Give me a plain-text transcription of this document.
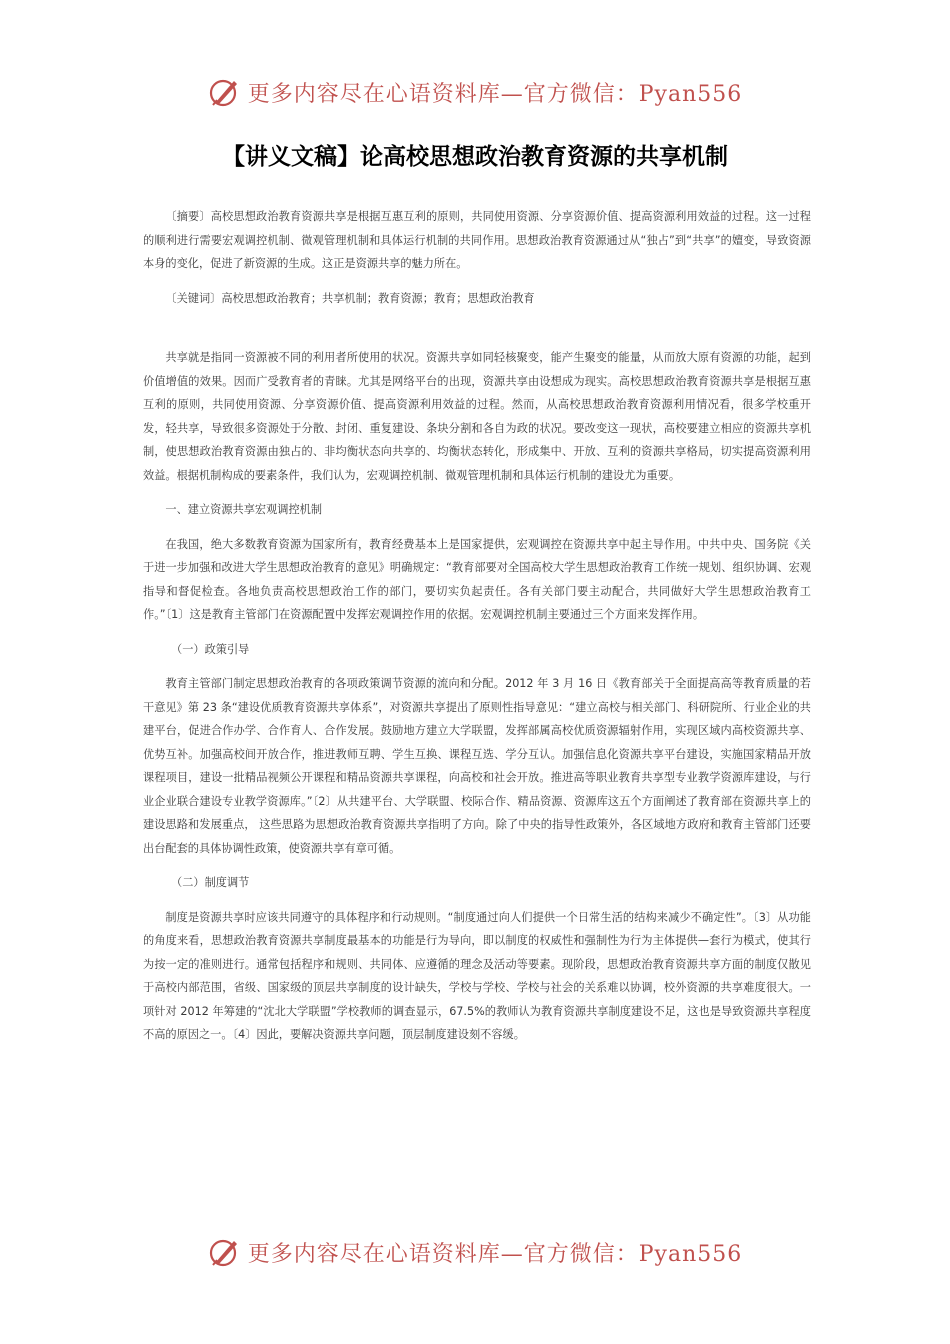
更多内容尽在心语资料库—官方微信：Pyan556
【讲义文稿】论高校思想政治教育资源的共享机制

〔摘要〕高校思想政治教育资源共享是根据互惠互利的原则，共同使用资源、分享资源价值、提高资源利用效益的过程。这一过程的顺利进行需要宏观调控机制、微观管理机制和具体运行机制的共同作用。思想政治教育资源通过从“独占”到“共享”的嬗变，导致资源本身的变化，促进了新资源的生成。这正是资源共享的魅力所在。

〔关键词〕高校思想政治教育；共享机制；教育资源；教育；思想政治教育

共享就是指同一资源被不同的利用者所使用的状况。资源共享如同轻核聚变，能产生聚变的能量，从而放大原有资源的功能，起到价值增值的效果。因而广受教育者的青睐。尤其是网络平台的出现，资源共享由设想成为现实。高校思想政治教育资源共享是根据互惠互利的原则，共同使用资源、分享资源价值、提高资源利用效益的过程。然而，从高校思想政治教育资源利用情况看，很多学校重开发，轻共享，导致很多资源处于分散、封闭、重复建设、条块分割和各自为政的状况。要改变这一现状，高校要建立相应的资源共享机制，使思想政治教育资源由独占的、非均衡状态向共享的、均衡状态转化，形成集中、开放、互利的资源共享格局，切实提高资源利用效益。根据机制构成的要素条件，我们认为，宏观调控机制、微观管理机制和具体运行机制的建设尤为重要。

一、建立资源共享宏观调控机制

在我国，绝大多数教育资源为国家所有，教育经费基本上是国家提供，宏观调控在资源共享中起主导作用。中共中央、国务院《关于进一步加强和改进大学生思想政治教育的意见》明确规定：“教育部要对全国高校大学生思想政治教育工作统一规划、组织协调、宏观指导和督促检查。各地负责高校思想政治工作的部门，要切实负起责任。各有关部门要主动配合，共同做好大学生思想政治教育工作。”〔1〕这是教育主管部门在资源配置中发挥宏观调控作用的依据。宏观调控机制主要通过三个方面来发挥作用。

（一）政策引导

教育主管部门制定思想政治教育的各项政策调节资源的流向和分配。2012 年 3 月 16 日《教育部关于全面提高高等教育质量的若干意见》第 23 条“建设优质教育资源共享体系”，对资源共享提出了原则性指导意见：“建立高校与相关部门、科研院所、行业企业的共建平台，促进合作办学、合作育人、合作发展。鼓励地方建立大学联盟，发挥部属高校优质资源辐射作用，实现区域内高校资源共享、优势互补。加强高校间开放合作，推进教师互聘、学生互换、课程互选、学分互认。加强信息化资源共享平台建设，实施国家精品开放课程项目，建设一批精品视频公开课程和精品资源共享课程，向高校和社会开放。推进高等职业教育共享型专业教学资源库建设，与行业企业联合建设专业教学资源库。”〔2〕从共建平台、大学联盟、校际合作、精品资源、资源库这五个方面阐述了教育部在资源共享上的建设思路和发展重点， 这些思路为思想政治教育资源共享指明了方向。除了中央的指导性政策外，各区域地方政府和教育主管部门还要出台配套的具体协调性政策，使资源共享有章可循。

（二）制度调节

制度是资源共享时应该共同遵守的具体程序和行动规则。“制度通过向人们提供一个日常生活的结构来减少不确定性”。〔3〕从功能的角度来看，思想政治教育资源共享制度最基本的功能是行为导向，即以制度的权威性和强制性为行为主体提供—套行为模式，使其行为按一定的准则进行。通常包括程序和规则、共同体、应遵循的理念及活动等要素。现阶段，思想政治教育资源共享方面的制度仅散见于高校内部范围，省级、国家级的顶层共享制度的设计缺失，学校与学校、学校与社会的关系难以协调，校外资源的共享难度很大。一项针对 2012 年筹建的“沈北大学联盟”学校教师的调查显示，67.5%的教师认为教育资源共享制度建设不足，这也是导致资源共享程度不高的原因之一。〔4〕因此，要解决资源共享问题，顶层制度建设刻不容缓。

更多内容尽在心语资料库—官方微信：Pyan556
